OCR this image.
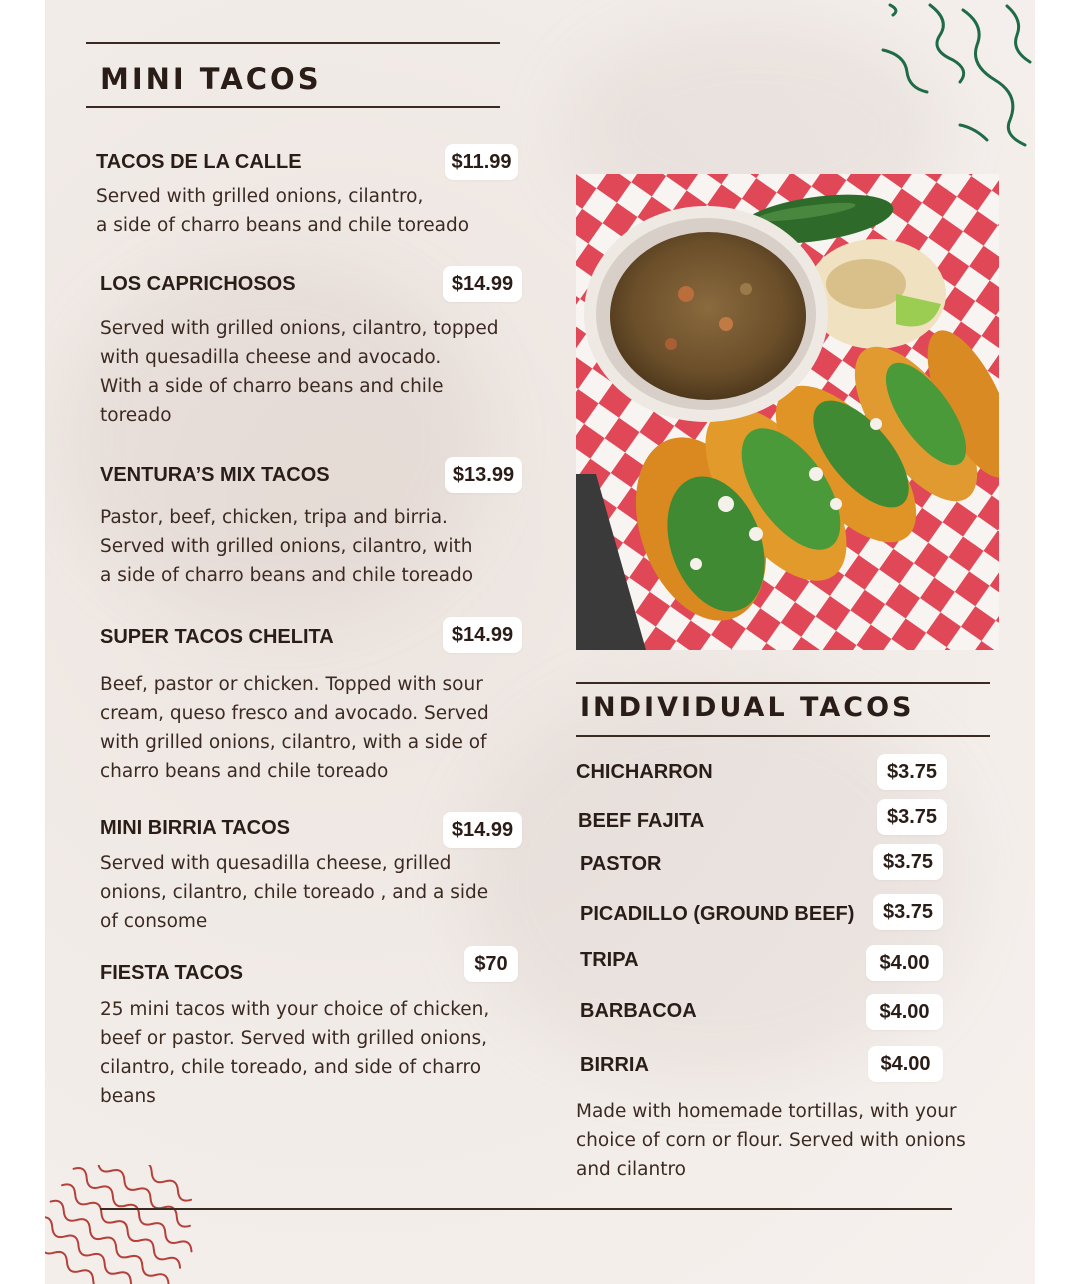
MINI TACOS
TACOS DE LA CALLE	$11.99
Served with grilled onions, cilantro,
a side of charro beans and chile toreado
LOS CAPRICHOSOS	$14.99
Served with grilled onions, cilantro, topped
with quesadilla cheese and avocado.
With a side of charro beans and chile
toreado
VENTURA’S MIX TACOS	$13.99
Pastor, beef, chicken, tripa and birria.
Served with grilled onions, cilantro, with
a side of charro beans and chile toreado
SUPER TACOS CHELITA	$14.99
Beef, pastor or chicken. Topped with sour
cream, queso fresco and avocado. Served
with grilled onions, cilantro, with a side of
charro beans and chile toreado
MINI BIRRIA TACOS	$14.99
Served with quesadilla cheese, grilled
onions, cilantro, chile toreado , and a side
of consome
FIESTA TACOS	$70
25 mini tacos with your choice of chicken,
beef or pastor. Served with grilled onions,
cilantro, chile toreado, and side of charro
beans
INDIVIDUAL TACOS
CHICHARRON	$3.75
BEEF FAJITA	$3.75
PASTOR	$3.75
PICADILLO (GROUND BEEF)	$3.75
TRIPA	$4.00
BARBACOA	$4.00
BIRRIA	$4.00
Made with homemade tortillas, with your
choice of corn or flour. Served with onions
and cilantro
